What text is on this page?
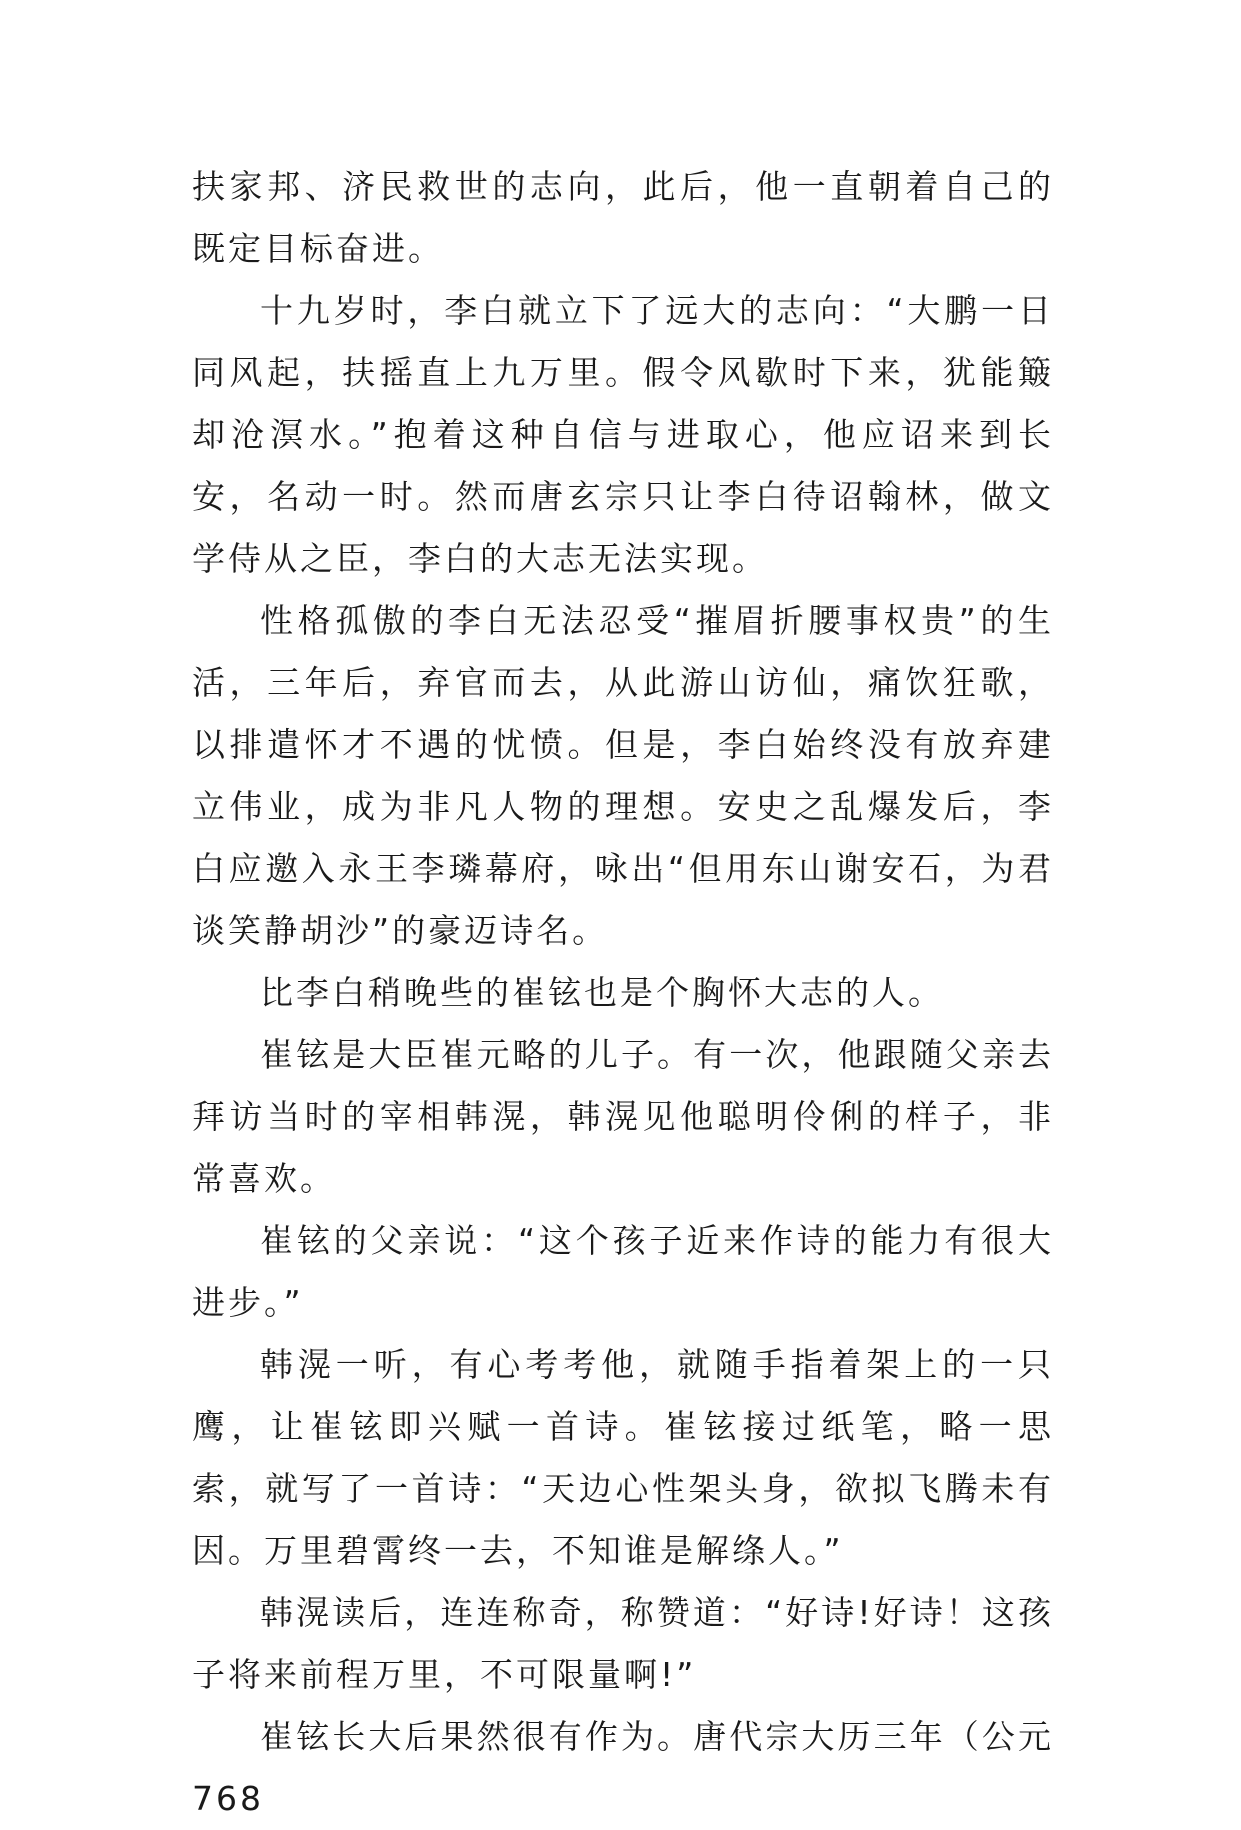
扶家邦、济民救世的志向，此后，他一直朝着自己的既定目标奋进。

十九岁时，李白就立下了远大的志向：“大鹏一日同风起，扶摇直上九万里。假令风歇时下来，犹能簸却沧溟水。”抱着这种自信与进取心，他应诏来到长安，名动一时。然而唐玄宗只让李白待诏翰林，做文学侍从之臣，李白的大志无法实现。

性格孤傲的李白无法忍受“摧眉折腰事权贵”的生活，三年后，弃官而去，从此游山访仙，痛饮狂歌，以排遣怀才不遇的忧愤。但是，李白始终没有放弃建立伟业，成为非凡人物的理想。安史之乱爆发后，李白应邀入永王李璘幕府，咏出“但用东山谢安石，为君谈笑静胡沙”的豪迈诗名。

比李白稍晚些的崔铉也是个胸怀大志的人。

崔铉是大臣崔元略的儿子。有一次，他跟随父亲去拜访当时的宰相韩滉，韩滉见他聪明伶俐的样子，非常喜欢。

崔铉的父亲说：“这个孩子近来作诗的能力有很大进步。”

韩滉一听，有心考考他，就随手指着架上的一只鹰，让崔铉即兴赋一首诗。崔铉接过纸笔，略一思索，就写了一首诗：“天边心性架头身，欲拟飞腾未有因。万里碧霄终一去，不知谁是解绦人。”

韩滉读后，连连称奇，称赞道：“好诗!好诗！这孩子将来前程万里，不可限量啊!”

崔铉长大后果然很有作为。唐代宗大历三年（公元 768
